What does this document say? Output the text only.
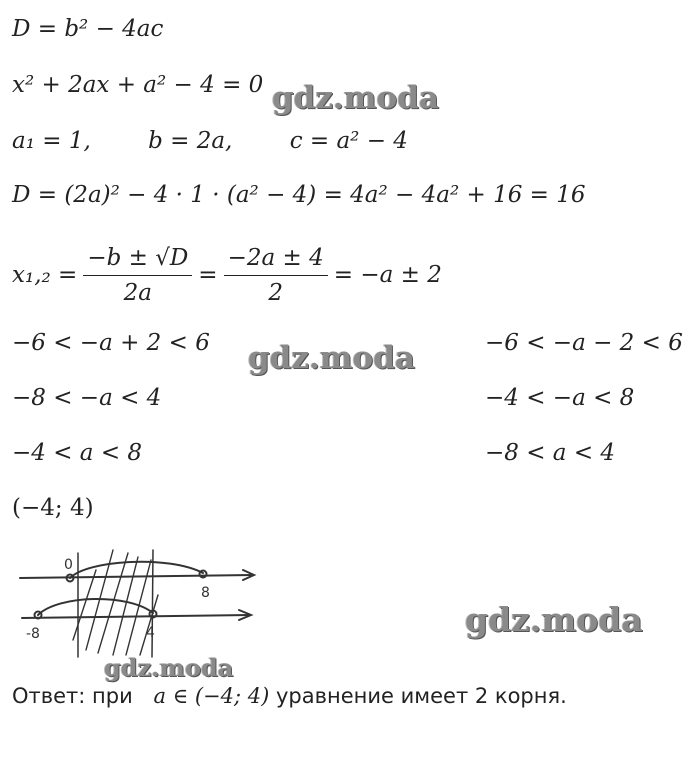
D = b² − 4ac
x² + 2ax + a² − 4 = 0
a₁ = 1, b = 2a, c = a² − 4
D = (2a)² − 4 · 1 · (a² − 4) = 4a² − 4a² + 16 = 16
$x_1,_2 = \frac{-b \pm √D}{2a} = \frac{-2a \pm 4}{2} = -a \pm 2$
−6 < −a + 2 < 6
−8 < −a < 4
−4 < a < 8
−6 < −a − 2 < 6
−4 < −a < 8
−8 < a < 4
(−4; 4)
0
8
-8	4
gdz.moda
gdz.moda
gdz.moda
gdz.moda
Ответ: при a ∈ (−4; 4) уравнение имеет 2 корня.
